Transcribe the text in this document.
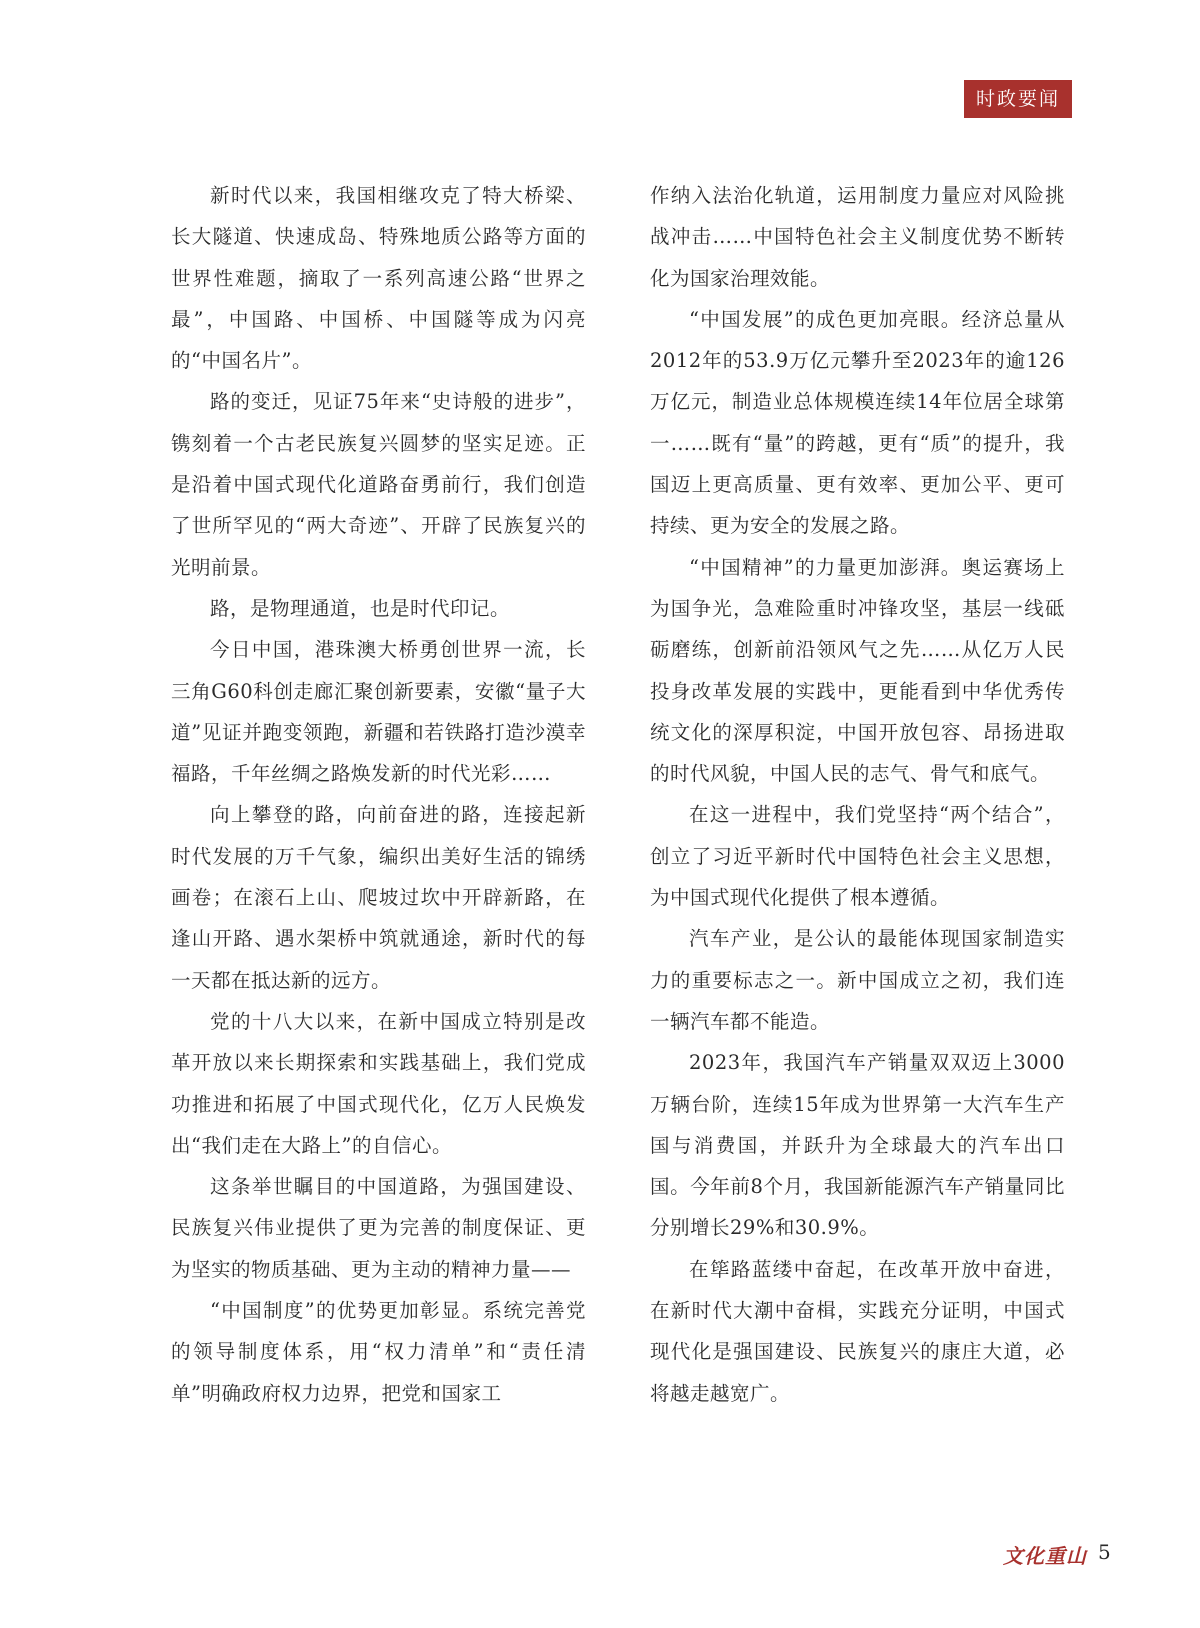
时政要闻

新时代以来，我国相继攻克了特大桥梁、长大隧道、快速成岛、特殊地质公路等方面的世界性难题，摘取了一系列高速公路“世界之最”，中国路、中国桥、中国隧等成为闪亮的“中国名片”。

路的变迁，见证75年来“史诗般的进步”，镌刻着一个古老民族复兴圆梦的坚实足迹。正是沿着中国式现代化道路奋勇前行，我们创造了世所罕见的“两大奇迹”、开辟了民族复兴的光明前景。

路，是物理通道，也是时代印记。

今日中国，港珠澳大桥勇创世界一流，长三角G60科创走廊汇聚创新要素，安徽“量子大道”见证并跑变领跑，新疆和若铁路打造沙漠幸福路，千年丝绸之路焕发新的时代光彩……

向上攀登的路，向前奋进的路，连接起新时代发展的万千气象，编织出美好生活的锦绣画卷；在滚石上山、爬坡过坎中开辟新路，在逢山开路、遇水架桥中筑就通途，新时代的每一天都在抵达新的远方。

党的十八大以来，在新中国成立特别是改革开放以来长期探索和实践基础上，我们党成功推进和拓展了中国式现代化，亿万人民焕发出“我们走在大路上”的自信心。

这条举世瞩目的中国道路，为强国建设、民族复兴伟业提供了更为完善的制度保证、更为坚实的物质基础、更为主动的精神力量——

“中国制度”的优势更加彰显。系统完善党的领导制度体系，用“权力清单”和“责任清单”明确政府权力边界，把党和国家工

作纳入法治化轨道，运用制度力量应对风险挑战冲击……中国特色社会主义制度优势不断转化为国家治理效能。

“中国发展”的成色更加亮眼。经济总量从2012年的53.9万亿元攀升至2023年的逾126万亿元，制造业总体规模连续14年位居全球第一……既有“量”的跨越，更有“质”的提升，我国迈上更高质量、更有效率、更加公平、更可持续、更为安全的发展之路。

“中国精神”的力量更加澎湃。奥运赛场上为国争光，急难险重时冲锋攻坚，基层一线砥砺磨练，创新前沿领风气之先……从亿万人民投身改革发展的实践中，更能看到中华优秀传统文化的深厚积淀，中国开放包容、昂扬进取的时代风貌，中国人民的志气、骨气和底气。

在这一进程中，我们党坚持“两个结合”，创立了习近平新时代中国特色社会主义思想，为中国式现代化提供了根本遵循。

汽车产业，是公认的最能体现国家制造实力的重要标志之一。新中国成立之初，我们连一辆汽车都不能造。

2023年，我国汽车产销量双双迈上3000万辆台阶，连续15年成为世界第一大汽车生产国与消费国，并跃升为全球最大的汽车出口国。今年前8个月，我国新能源汽车产销量同比分别增长29%和30.9%。

在筚路蓝缕中奋起，在改革开放中奋进，在新时代大潮中奋楫，实践充分证明，中国式现代化是强国建设、民族复兴的康庄大道，必将越走越宽广。

文化重山 5
